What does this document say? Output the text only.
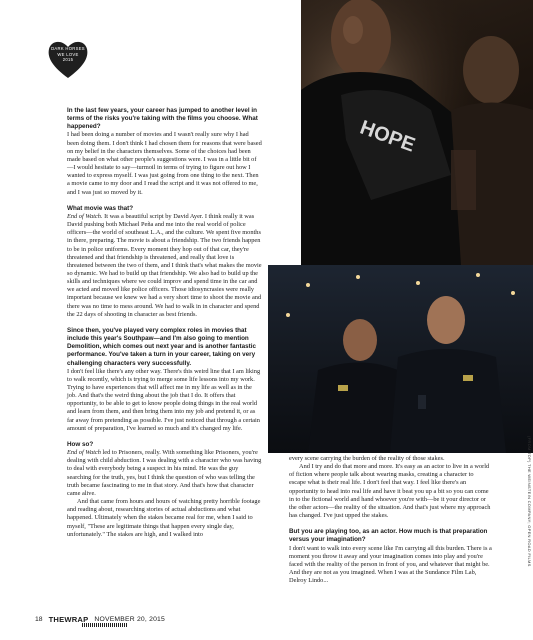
DARK HORSES
WE LOVE
2015
HOPE
(FROM TOP) THE WEINSTEIN COMPANY; OPEN ROAD FILMS

In the last few years, your career has jumped to another level in terms of the risks you're taking with the films you choose. What happened?

I had been doing a number of movies and I wasn't really sure why I had been doing them. I don't think I had chosen them for reasons that were based on my belief in the characters themselves. Some of the choices had been made based on what other people's suggestions were. I was in a little bit of—I would hesitate to say—turmoil in terms of trying to figure out how I wanted to express myself. I was just going from one thing to the next. Then a movie came to my door and I read the script and it was not offered to me, and I was just so moved by it.

What movie was that?

End of Watch. It was a beautiful script by David Ayer. I think really it was David pushing both Michael Peña and me into the real world of police officers—the world of southeast L.A., and the culture. We spent five months in there, preparing. The movie is about a friendship. The two friends happen to be in police uniforms. Every moment they hop out of that car, they're threatened and that friendship is threatened, and really that love is threatened between the two of them, and I think that's what makes the movie so dynamic. We had to build up that friendship. We also had to build up the skills and techniques where we could improv and spend time in the car and we acted and moved like police officers. Those idiosyncrasies were really important because we knew we had a very short time to shoot the movie and there was no time to mess around. We had to walk in in character and spend the 22 days of shooting in character as best friends.

Since then, you've played very complex roles in movies that include this year's Southpaw—and I'm also going to mention Demolition, which comes out next year and is another fantastic performance. You've taken a turn in your career, taking on very challenging characters very successfully.

I don't feel like there's any other way. There's this weird line that I am liking to walk recently, which is trying to merge some life lessons into my work. Trying to have experiences that will affect me in my life as well as in the job. And that's the weird thing about the job that I do. It offers that opportunity, to be able to get to know people doing things in the real world and learn from them, and then bring them into my job and pretend it, or as far away from pretending as possible. I've just noticed that through a certain amount of preparation, I've learned so much and it's changed my life.

How so?

End of Watch led to Prisoners, really. With something like Prisoners, you're dealing with child abduction. I was dealing with a character who was having to deal with everybody being a suspect in his mind. He was the guy searching for the truth, yes, but I think the question of who was telling the truth became fascinating to me in that story. And that's how that character came alive.

And that came from hours and hours of watching pretty horrible footage and reading about, researching stories of actual abductions and what happened. Ultimately when the stakes became real for me, when I said to myself, "These are legitimate things that happen every single day, unfortunately." The stakes are high, and I walked into

every scene carrying the burden of the reality of those stakes.

And I try and do that more and more. It's easy as an actor to live in a world of fiction where people talk about wearing masks, creating a character to escape what is their real life. I don't feel that way. I feel like there's an opportunity to head into real life and have it beat you up a bit so you can come in to the fictional world and hand whoever you're with—be it your director or the other actors—the reality of the situation. And that's just where my approach has changed. I've just upped the stakes.

But you are playing too, as an actor. How much is that preparation versus your imagination?

I don't want to walk into every scene like I'm carrying all this burden. There is a moment you throw it away and your imagination comes into play and you're faced with the reality of the person in front of you, and whatever that might be. And they are not as you imagined. When I was at the Sundance Film Lab, Delroy Lindo...

18 THEWRAP NOVEMBER 20, 2015
